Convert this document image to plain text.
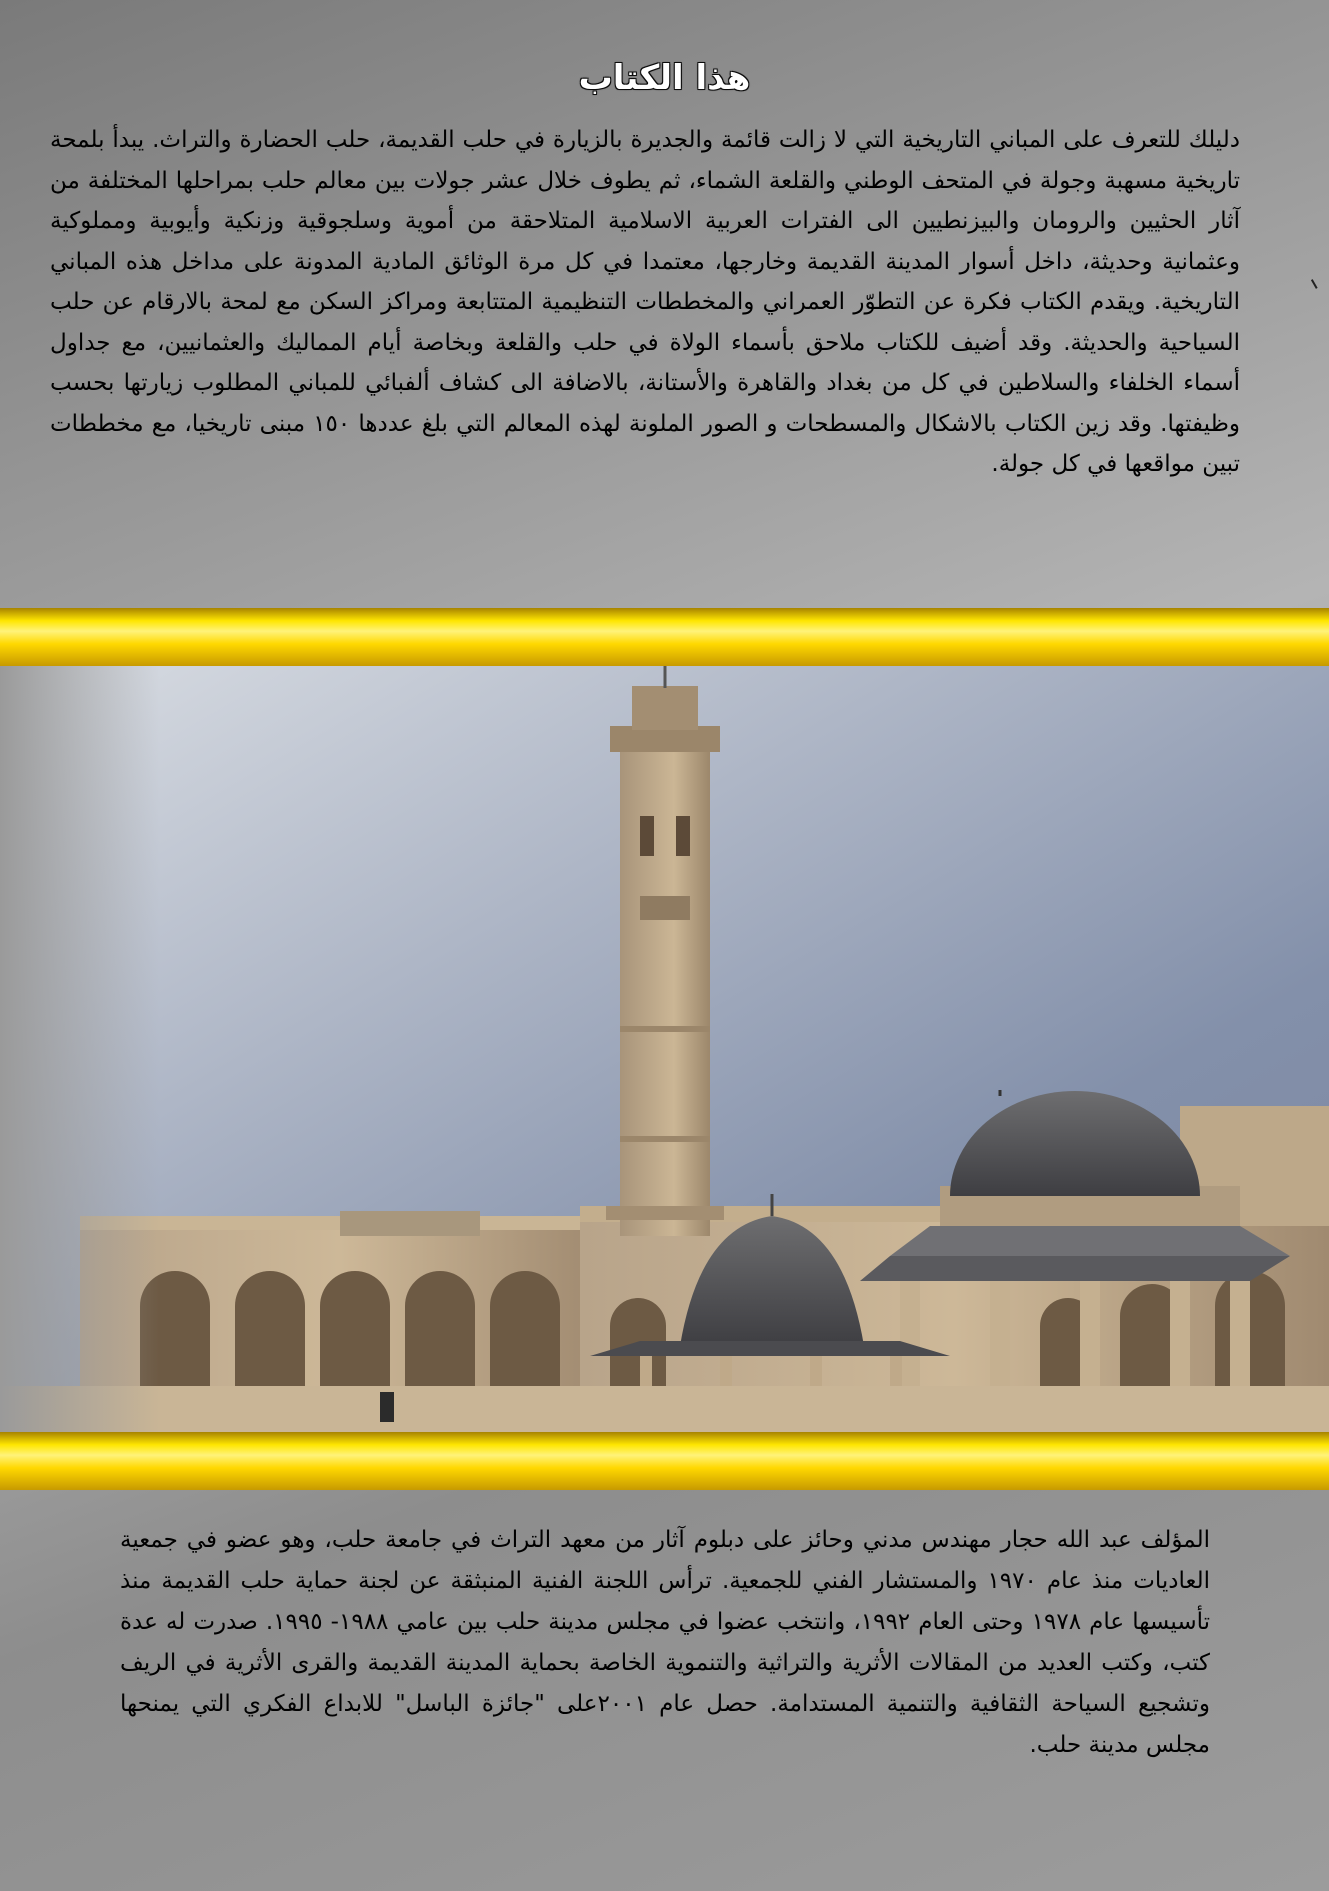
هذا الكتاب
دليلك للتعرف على المباني التاريخية التي لا زالت قائمة والجديرة بالزيارة في حلب القديمة، حلب الحضارة والتراث. يبدأ بلمحة تاريخية مسهبة وجولة في المتحف الوطني والقلعة الشماء، ثم يطوف خلال عشر جولات بين معالم حلب بمراحلها المختلفة من آثار الحثيين والرومان والبيزنطيين الى الفترات العربية الاسلامية المتلاحقة من أموية وسلجوقية وزنكية وأيوبية ومملوكية وعثمانية وحديثة، داخل أسوار المدينة القديمة وخارجها، معتمدا في كل مرة الوثائق المادية المدونة على مداخل هذه المباني التاريخية. ويقدم الكتاب فكرة عن التطوّر العمراني والمخططات التنظيمية المتتابعة ومراكز السكن مع لمحة بالارقام عن حلب السياحية والحديثة. وقد أضيف للكتاب ملاحق بأسماء الولاة في حلب والقلعة وبخاصة أيام المماليك والعثمانيين، مع جداول أسماء الخلفاء والسلاطين في كل من بغداد والقاهرة والأستانة، بالاضافة الى كشاف ألفبائي للمباني المطلوب زيارتها بحسب وظيفتها. وقد زين الكتاب بالاشكال والمسطحات و الصور الملونة لهذه المعالم التي بلغ عددها ١٥٠ مبنى تاريخيا، مع مخططات تبين مواقعها في كل جولة.
المؤلف عبد الله حجار مهندس مدني وحائز على دبلوم آثار من معهد التراث في جامعة حلب، وهو عضو في جمعية العاديات منذ عام ١٩٧٠ والمستشار الفني للجمعية. ترأس اللجنة الفنية المنبثقة عن لجنة حماية حلب القديمة منذ تأسيسها عام ١٩٧٨ وحتى العام ١٩٩٢، وانتخب عضوا في مجلس مدينة حلب بين عامي ١٩٨٨- ١٩٩٥. صدرت له عدة كتب، وكتب العديد من المقالات الأثرية والتراثية والتنموية الخاصة بحماية المدينة القديمة والقرى الأثرية في الريف وتشجيع السياحة الثقافية والتنمية المستدامة. حصل عام ٢٠٠١على "جائزة الباسل" للابداع الفكري التي يمنحها مجلس مدينة حلب.
